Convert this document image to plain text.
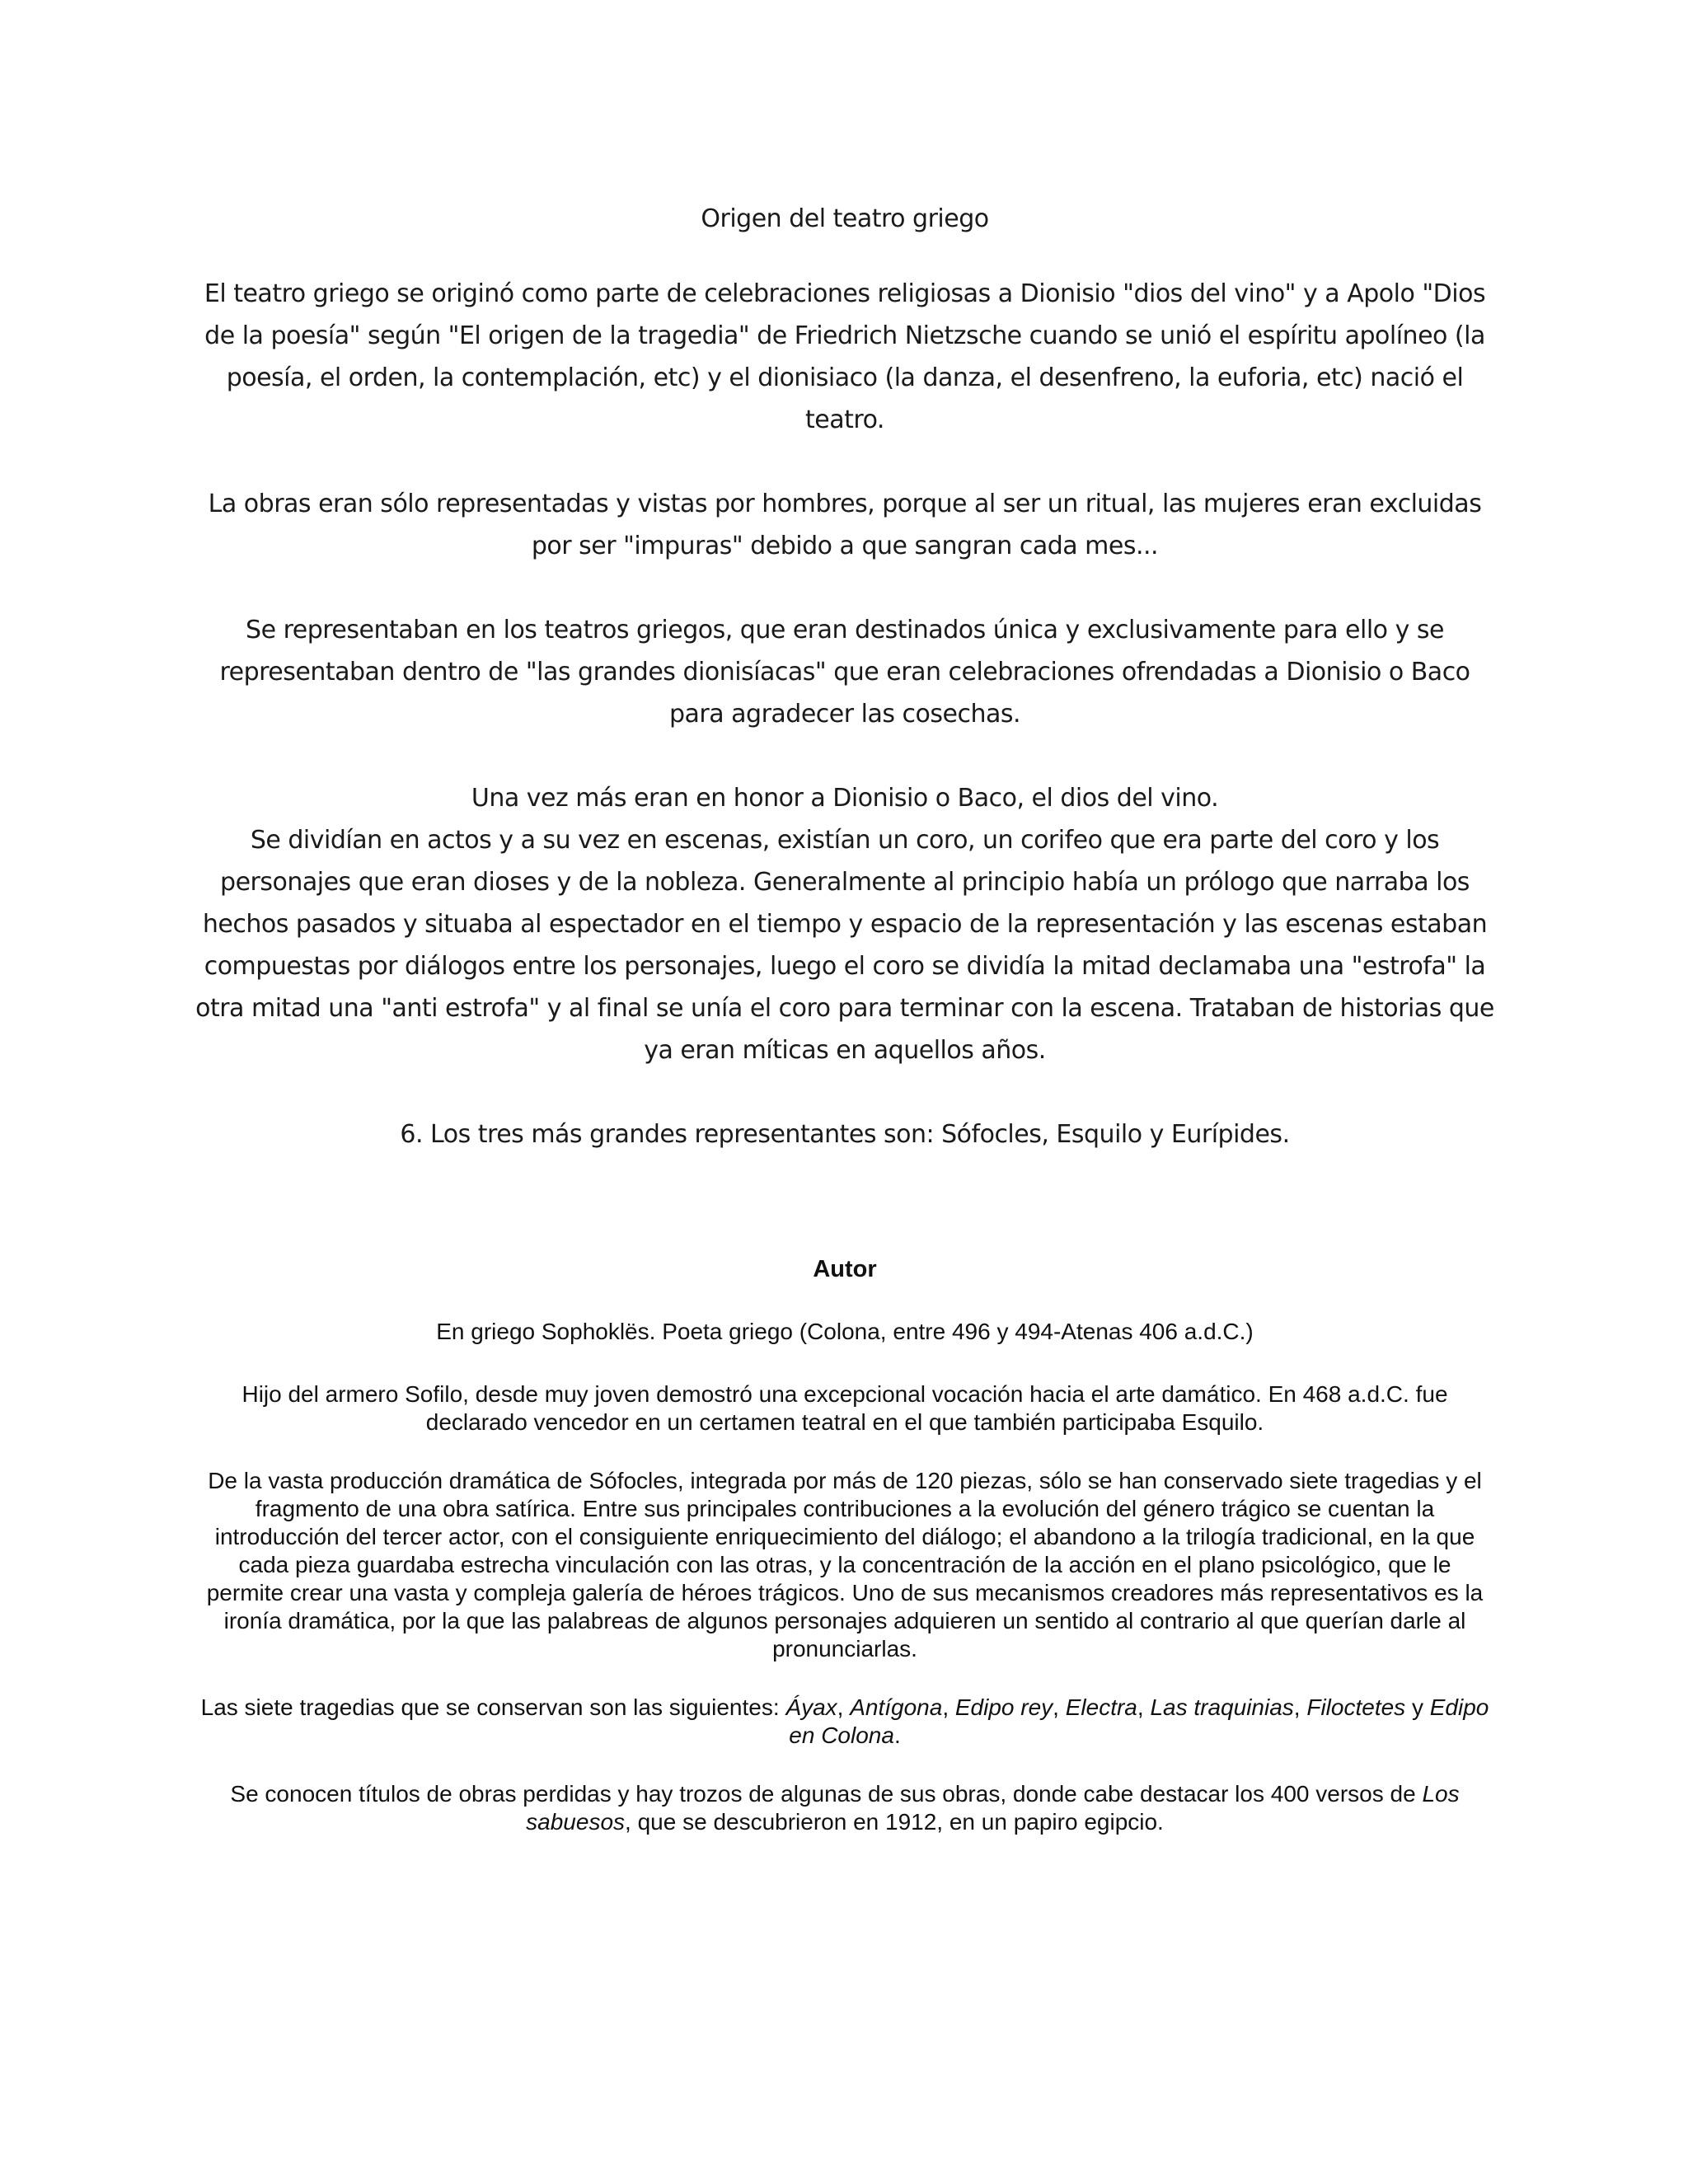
Origen del teatro griego

El teatro griego se originó como parte de celebraciones religiosas a Dionisio "dios del vino" y a Apolo "Dios de la poesía" según "El origen de la tragedia" de Friedrich Nietzsche cuando se unió el espíritu apolíneo (la poesía, el orden, la contemplación, etc) y el dionisiaco (la danza, el desenfreno, la euforia, etc) nació el teatro.

La obras eran sólo representadas y vistas por hombres, porque al ser un ritual, las mujeres eran excluidas por ser "impuras" debido a que sangran cada mes...

Se representaban en los teatros griegos, que eran destinados única y exclusivamente para ello y se representaban dentro de "las grandes dionisíacas" que eran celebraciones ofrendadas a Dionisio o Baco para agradecer las cosechas.

Una vez más eran en honor a Dionisio o Baco, el dios del vino.
Se dividían en actos y a su vez en escenas, existían un coro, un corifeo que era parte del coro y los personajes que eran dioses y de la nobleza. Generalmente al principio había un prólogo que narraba los hechos pasados y situaba al espectador en el tiempo y espacio de la representación y las escenas estaban compuestas por diálogos entre los personajes, luego el coro se dividía la mitad declamaba una "estrofa" la otra mitad una "anti estrofa" y al final se unía el coro para terminar con la escena. Trataban de historias que ya eran míticas en aquellos años.

6. Los tres más grandes representantes son: Sófocles, Esquilo y Eurípides.

Autor

En griego Sophoklës. Poeta griego (Colona, entre 496 y 494-Atenas 406 a.d.C.)

Hijo del armero Sofilo, desde muy joven demostró una excepcional vocación hacia el arte damático. En 468 a.d.C. fue declarado vencedor en un certamen teatral en el que también participaba Esquilo.

De la vasta producción dramática de Sófocles, integrada por más de 120 piezas, sólo se han conservado siete tragedias y el fragmento de una obra satírica. Entre sus principales contribuciones a la evolución del género trágico se cuentan la introducción del tercer actor, con el consiguiente enriquecimiento del diálogo; el abandono a la trilogía tradicional, en la que cada pieza guardaba estrecha vinculación con las otras, y la concentración de la acción en el plano psicológico, que le permite crear una vasta y compleja galería de héroes trágicos. Uno de sus mecanismos creadores más representativos es la ironía dramática, por la que las palabreas de algunos personajes adquieren un sentido al contrario al que querían darle al pronunciarlas.

Las siete tragedias que se conservan son las siguientes: Áyax, Antígona, Edipo rey, Electra, Las traquinias, Filoctetes y Edipo en Colona.

Se conocen títulos de obras perdidas y hay trozos de algunas de sus obras, donde cabe destacar los 400 versos de Los sabuesos, que se descubrieron en 1912, en un papiro egipcio.
